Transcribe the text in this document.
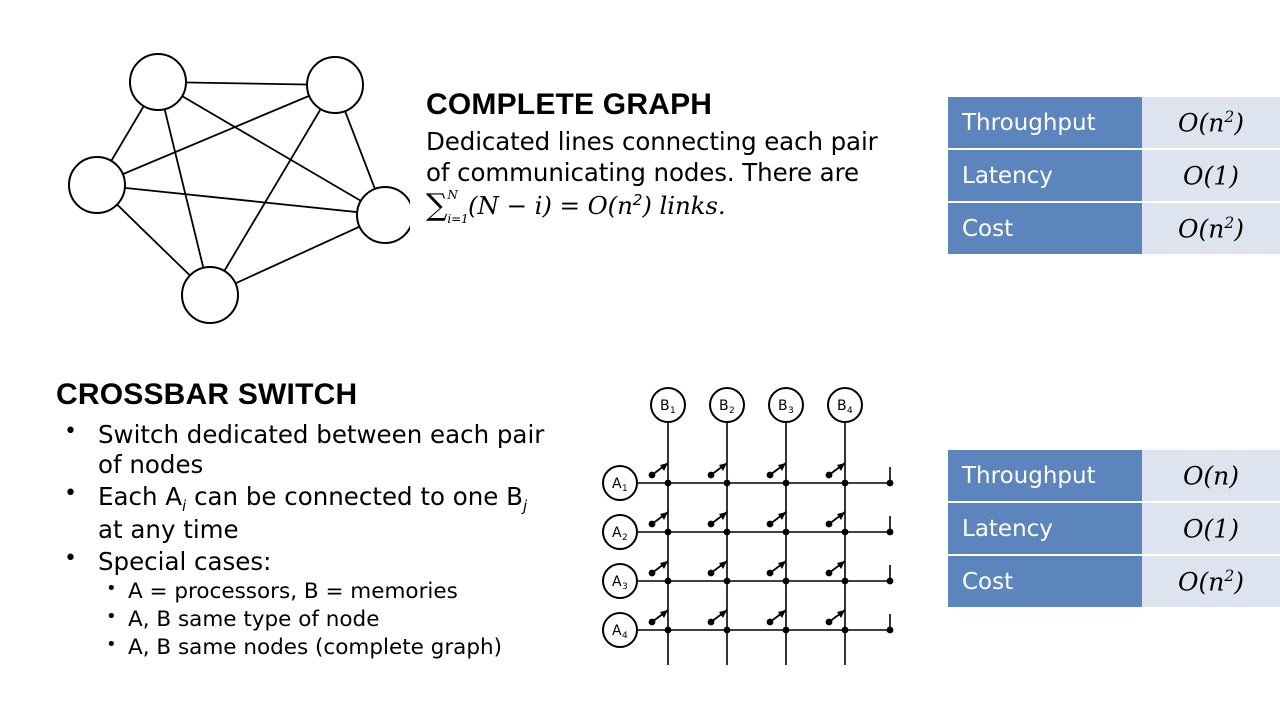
COMPLETE GRAPH
Dedicated lines connecting each pair
of communicating nodes. There are
∑ N
i=1 $(N - i) = O(n^2)$ links.
Throughput	$O(n^2)$
Latency	O(1)
Cost	$O(n^2)$
CROSSBAR SWITCH
• Switch dedicated between each pair
of nodes
• Each $A_i$ can be connected to one $B_j$
at any time
• Special cases:
• A = processors, B = memories
• A, B same type of node
• A, B same nodes (complete graph)
B 1	B 2	B 3	B 4
A 1
A 2
A 3
A 4
Throughput	O(n)
Latency	O(1)
Cost	$O(n^2)$
